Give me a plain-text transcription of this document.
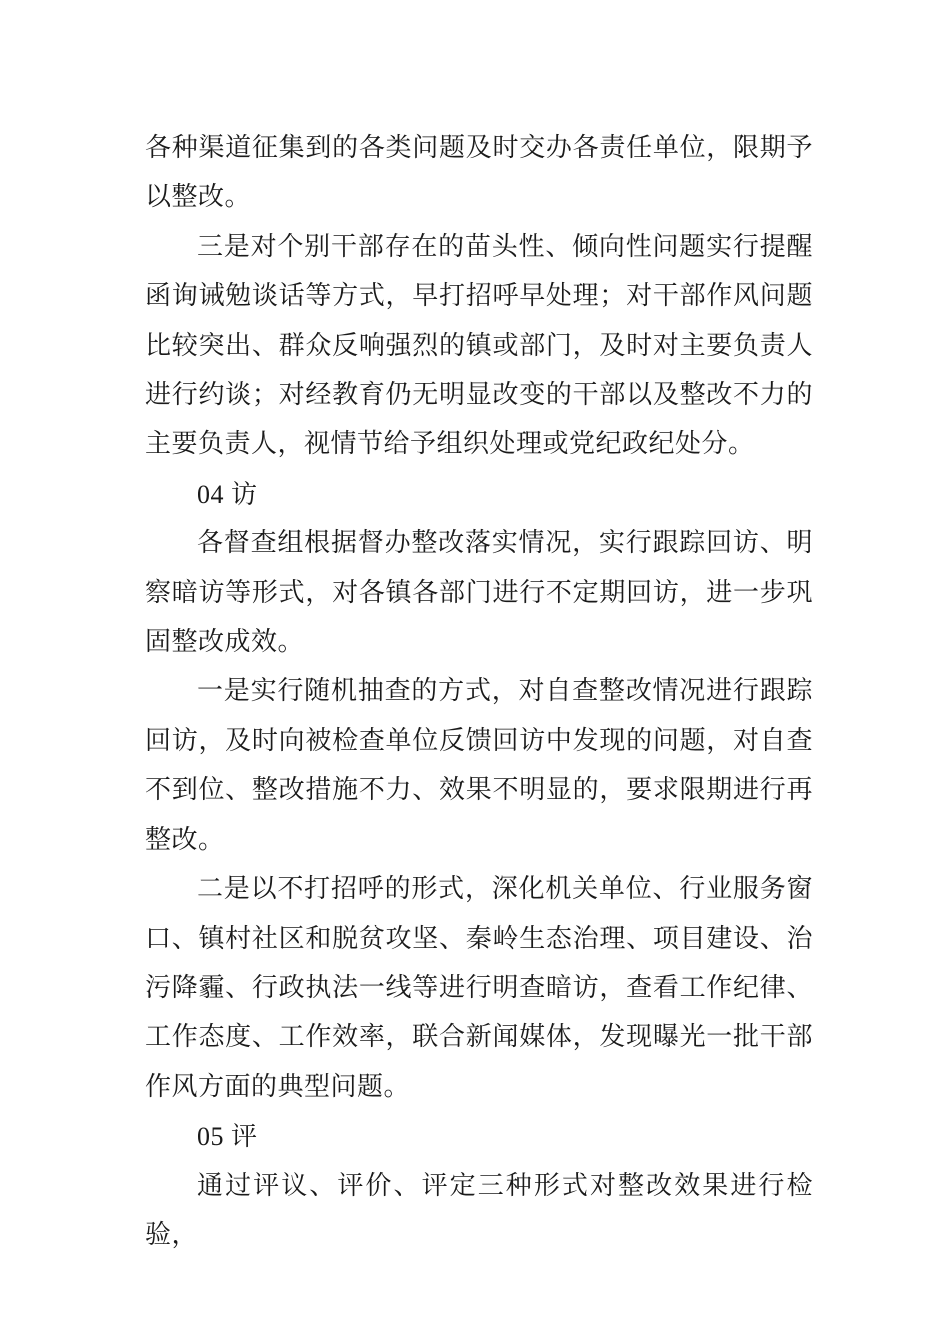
各种渠道征集到的各类问题及时交办各责任单位，限期予以整改。

三是对个别干部存在的苗头性、倾向性问题实行提醒函询诫勉谈话等方式，早打招呼早处理；对干部作风问题比较突出、群众反响强烈的镇或部门，及时对主要负责人进行约谈；对经教育仍无明显改变的干部以及整改不力的主要负责人，视情节给予组织处理或党纪政纪处分。

04 访

各督查组根据督办整改落实情况，实行跟踪回访、明察暗访等形式，对各镇各部门进行不定期回访，进一步巩固整改成效。

一是实行随机抽查的方式，对自查整改情况进行跟踪回访，及时向被检查单位反馈回访中发现的问题，对自查不到位、整改措施不力、效果不明显的，要求限期进行再整改。

二是以不打招呼的形式，深化机关单位、行业服务窗口、镇村社区和脱贫攻坚、秦岭生态治理、项目建设、治污降霾、行政执法一线等进行明查暗访，查看工作纪律、工作态度、工作效率，联合新闻媒体，发现曝光一批干部作风方面的典型问题。

05 评

通过评议、评价、评定三种形式对整改效果进行检验，
